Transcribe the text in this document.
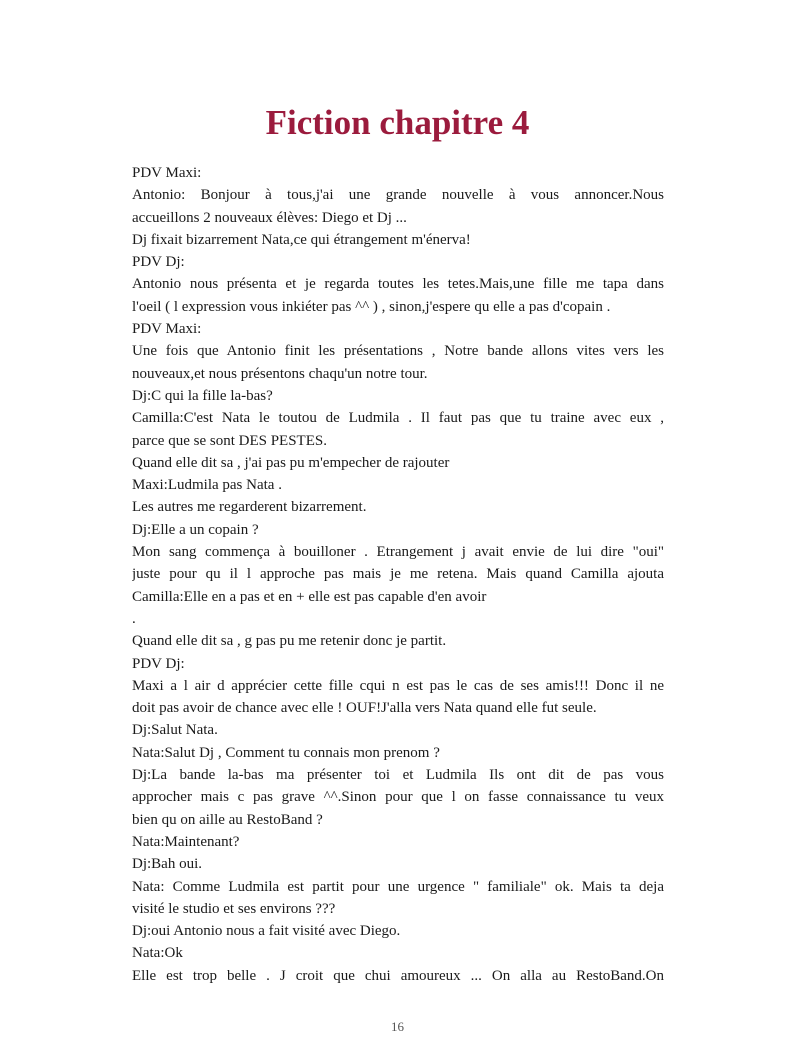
Fiction chapitre 4
PDV Maxi:
Antonio: Bonjour à tous,j'ai une grande nouvelle à vous annoncer.Nous
accueillons 2 nouveaux élèves: Diego et Dj ...
Dj fixait bizarrement Nata,ce qui étrangement m'énerva!
PDV Dj:
Antonio nous présenta et je regarda toutes les tetes.Mais,une fille me tapa dans
l'oeil ( l expression vous inkiéter pas ^^ ) , sinon,j'espere qu elle a pas d'copain .
PDV Maxi:
Une fois que Antonio finit les présentations , Notre bande allons vites vers les
nouveaux,et nous présentons chaqu'un notre tour.
Dj:C qui la fille la-bas?
Camilla:C'est Nata le toutou de Ludmila . Il faut pas que tu traine avec eux ,
parce que se sont DES PESTES.
Quand elle dit sa , j'ai pas pu m'empecher de rajouter
Maxi:Ludmila pas Nata .
Les autres me regarderent bizarrement.
Dj:Elle a un copain ?
Mon sang commença à bouilloner . Etrangement j avait envie de lui dire "oui"
juste pour qu il l approche pas mais je me retena. Mais quand Camilla ajouta
Camilla:Elle en a pas et en + elle est pas capable d'en avoir
.
Quand elle dit sa , g pas pu me retenir donc je partit.
PDV Dj:
Maxi a l air d apprécier cette fille cqui n est pas le cas de ses amis!!! Donc il ne
doit pas avoir de chance avec elle ! OUF!J'alla vers Nata quand elle fut seule.
Dj:Salut Nata.
Nata:Salut Dj , Comment tu connais mon prenom ?
Dj:La bande la-bas ma présenter toi et Ludmila Ils ont dit de pas vous
approcher mais c pas grave ^^.Sinon pour que l on fasse connaissance tu veux
bien qu on aille au RestoBand ?
Nata:Maintenant?
Dj:Bah oui.
Nata: Comme Ludmila est partit pour une urgence " familiale" ok. Mais ta deja
visité le studio et ses environs ???
Dj:oui Antonio nous a fait visité avec Diego.
Nata:Ok
Elle est trop belle . J croit que chui amoureux ... On alla au RestoBand.On
16
